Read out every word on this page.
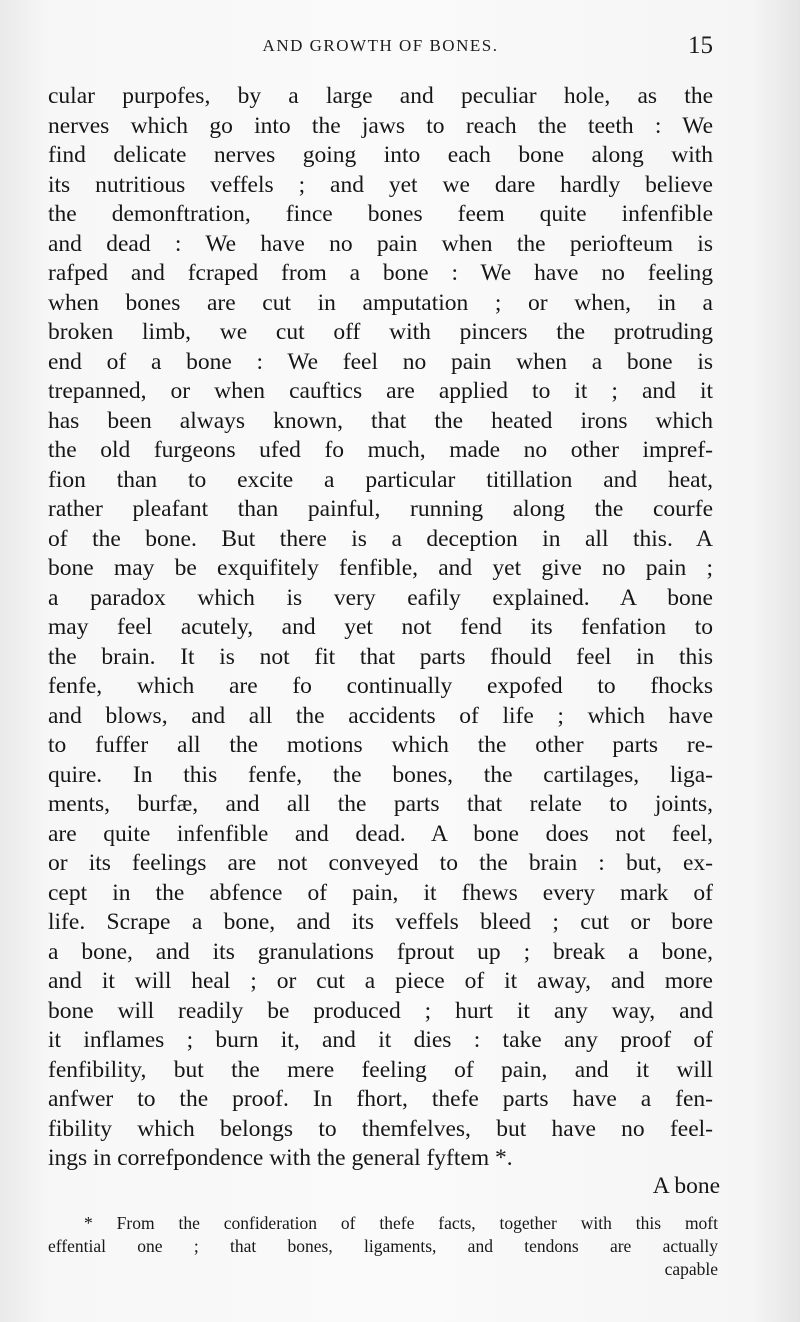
AND GROWTH OF BONES.	15
cular purpofes, by a large and peculiar hole, as the
nerves which go into the jaws to reach the teeth : We
find delicate nerves going into each bone along with
its nutritious veffels ; and yet we dare hardly believe
the demonftration, fince bones feem quite infenfible
and dead : We have no pain when the periofteum is
rafped and fcraped from a bone : We have no feeling
when bones are cut in amputation ; or when, in a
broken limb, we cut off with pincers the protruding
end of a bone : We feel no pain when a bone is
trepanned, or when cauftics are applied to it ; and it
has been always known, that the heated irons which
the old furgeons ufed fo much, made no other impref-
fion than to excite a particular titillation and heat,
rather pleafant than painful, running along the courfe
of the bone. But there is a deception in all this. A
bone may be exquifitely fenfible, and yet give no pain ;
a paradox which is very eafily explained. A bone
may feel acutely, and yet not fend its fenfation to
the brain. It is not fit that parts fhould feel in this
fenfe, which are fo continually expofed to fhocks
and blows, and all the accidents of life ; which have
to fuffer all the motions which the other parts re-
quire. In this fenfe, the bones, the cartilages, liga-
ments, burfæ, and all the parts that relate to joints,
are quite infenfible and dead. A bone does not feel,
or its feelings are not conveyed to the brain : but, ex-
cept in the abfence of pain, it fhews every mark of
life. Scrape a bone, and its veffels bleed ; cut or bore
a bone, and its granulations fprout up ; break a bone,
and it will heal ; or cut a piece of it away, and more
bone will readily be produced ; hurt it any way, and
it inflames ; burn it, and it dies : take any proof of
fenfibility, but the mere feeling of pain, and it will
anfwer to the proof. In fhort, thefe parts have a fen-
fibility which belongs to themfelves, but have no feel-
ings in correfpondence with the general fyftem *.
A bone
* From the confideration of thefe facts, together with this moft
effential one ; that bones, ligaments, and tendons are actually
capable
